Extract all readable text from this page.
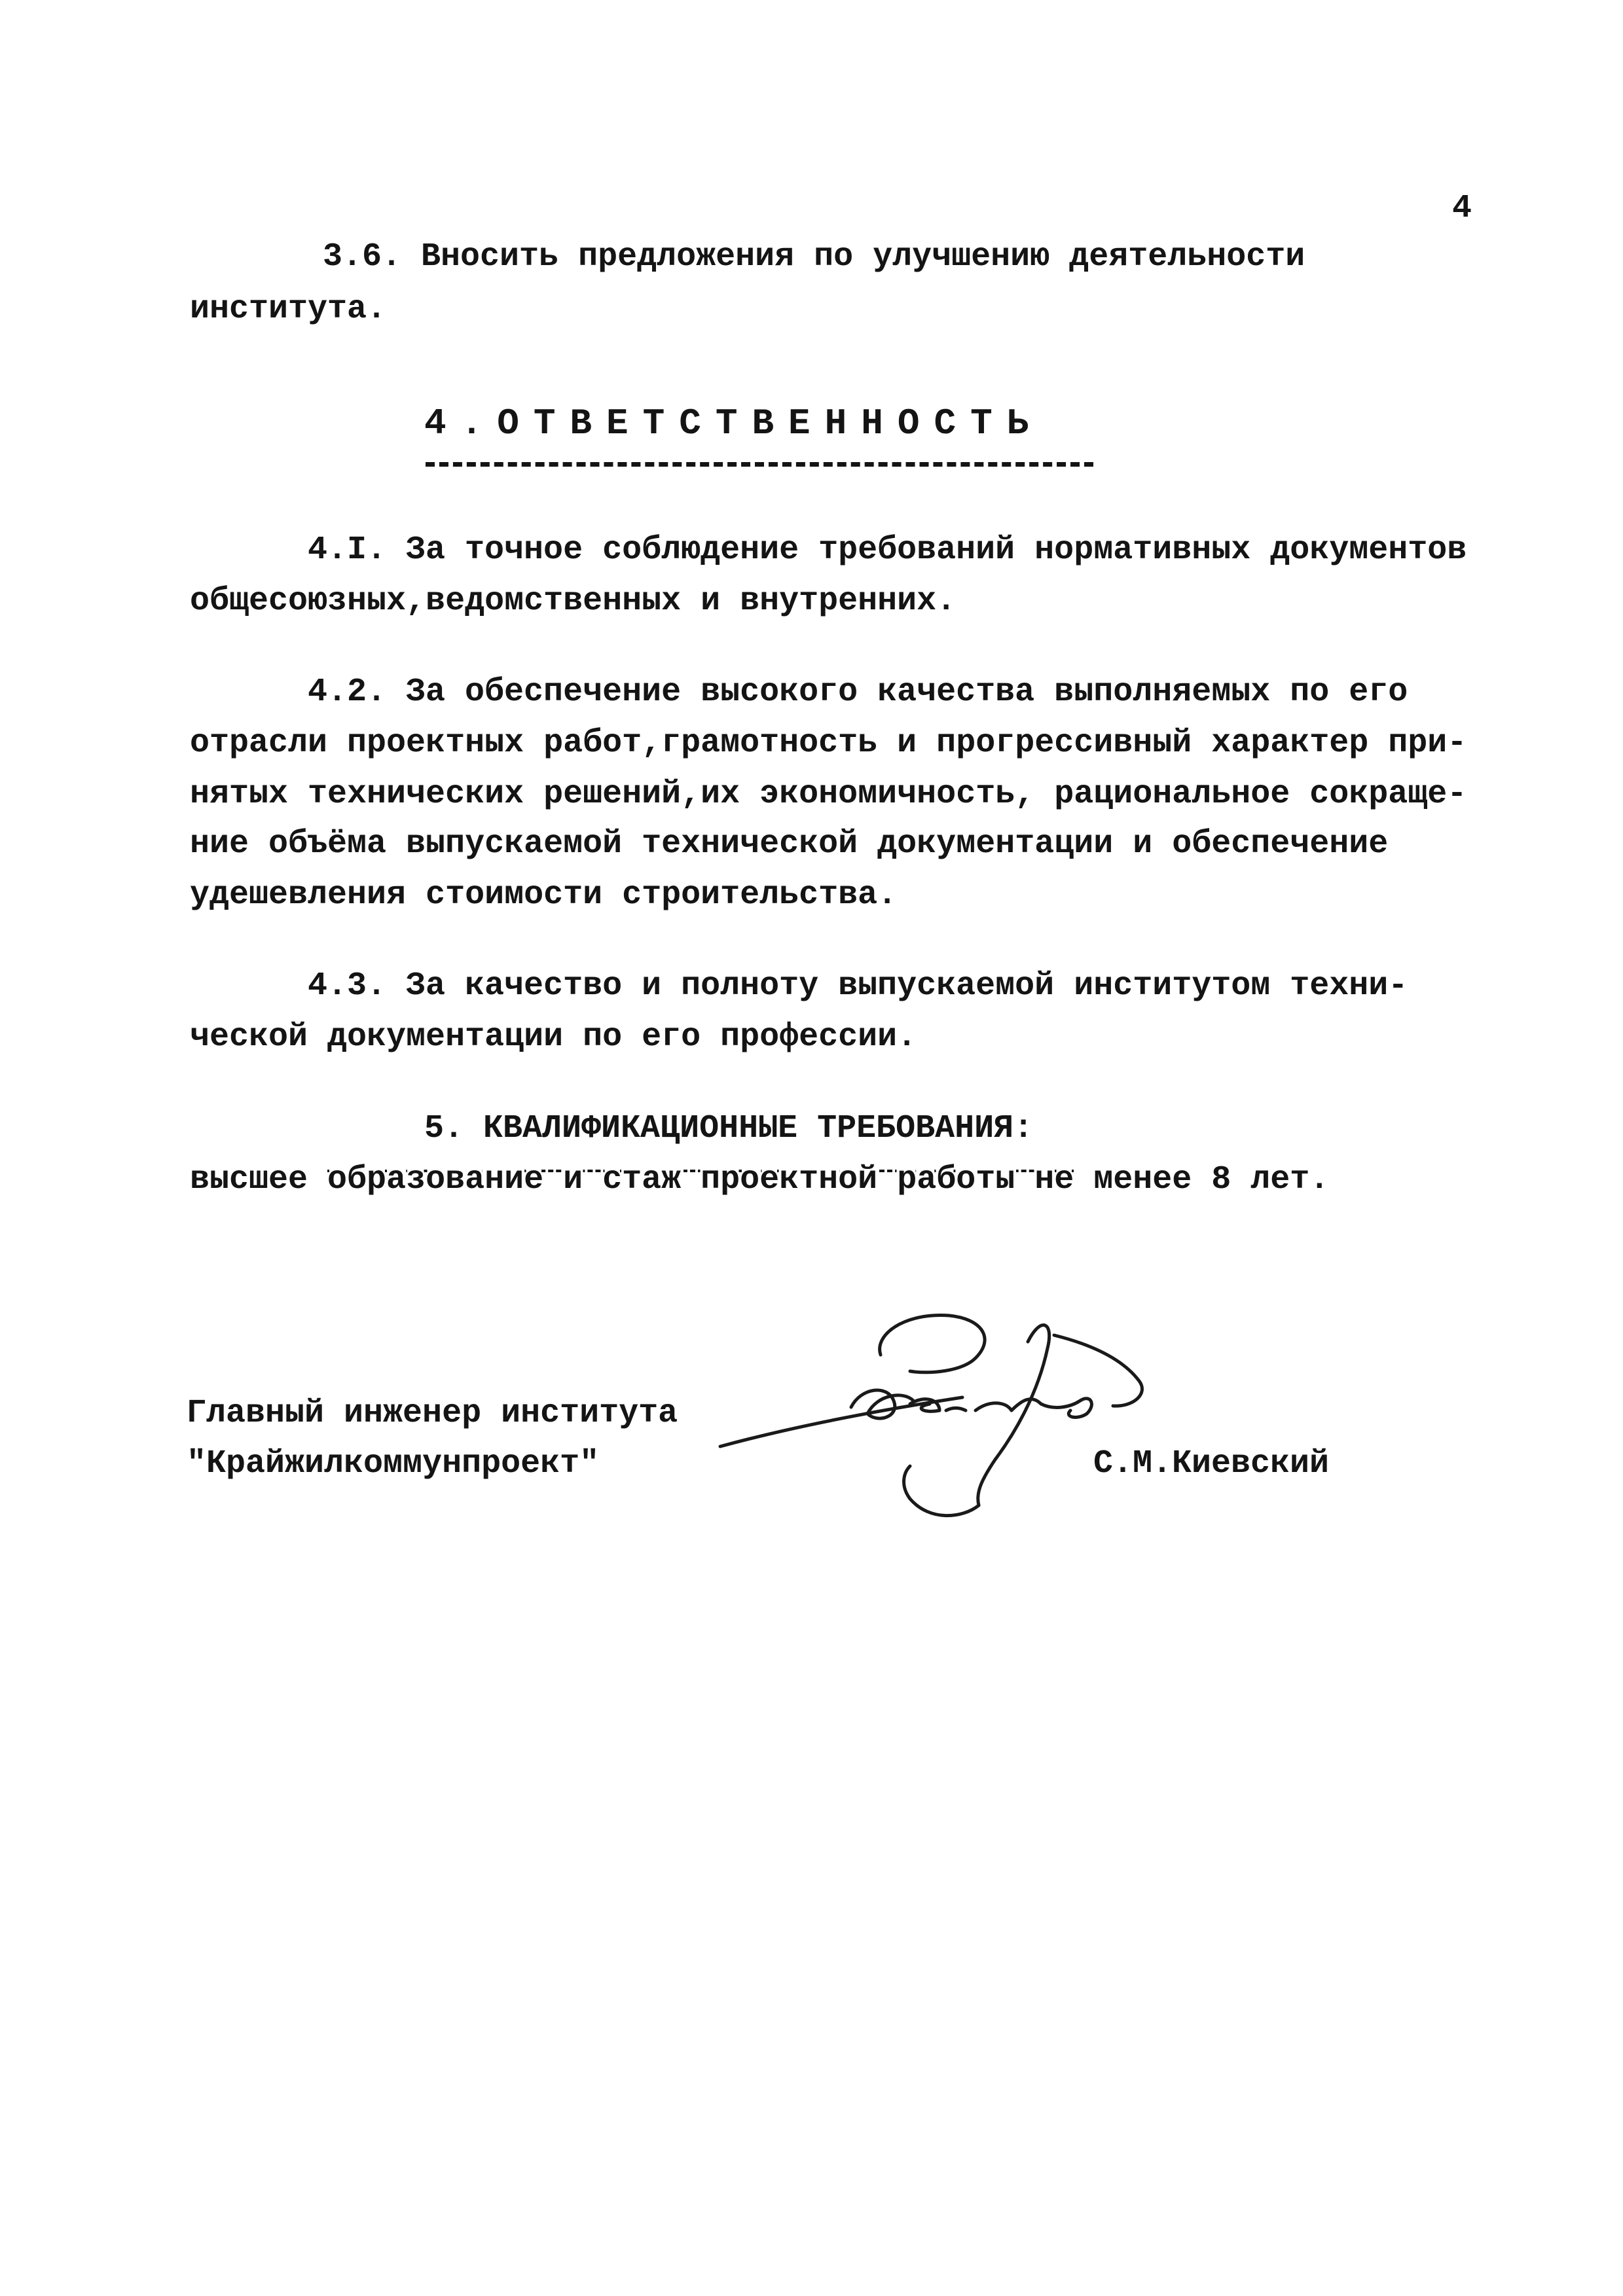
4
3.6. Вносить предложения по улучшению деятельности
института.
4.ОТВЕТСТВЕННОСТЬ
4.I. За точное соблюдение требований нормативных документов
общесоюзных,ведомственных и внутренних.
4.2. За обеспечение высокого качества выполняемых по его
отрасли проектных работ,грамотность и прогрессивный характер при-
нятых технических решений,их экономичность, рациональное сокраще-
ние объёма выпускаемой технической документации и обеспечение
удешевления стоимости строительства.
4.3. За качество и полноту выпускаемой институтом техни-
ческой документации по его профессии.
5. КВАЛИФИКАЦИОННЫЕ ТРЕБОВАНИЯ:
высшее образование и стаж проектной работы не менее 8 лет.
Главный инженер института
"Крайжилкоммунпроект"	С.М.Киевский
